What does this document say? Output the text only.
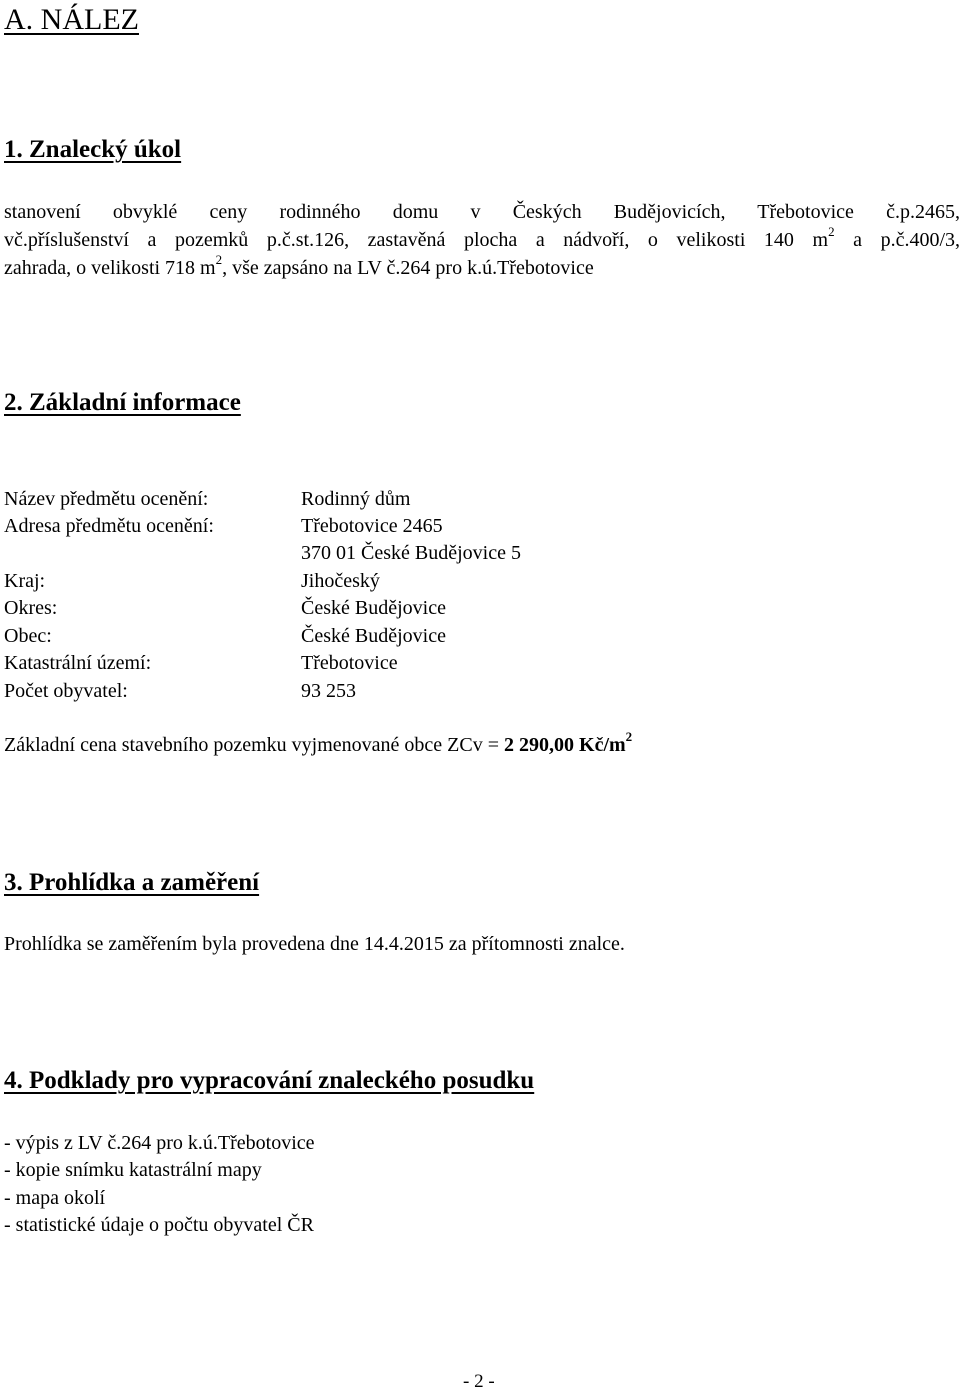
A. NÁLEZ
1. Znalecký úkol
stanovení obvyklé ceny rodinného domu v Českých Budějovicích, Třebotovice č.p.2465,
vč.příslušenství a pozemků p.č.st.126, zastavěná plocha a nádvoří, o velikosti 140 $m^2$ a p.č.400/3,
zahrada, o velikosti 718 $m^2$, vše zapsáno na LV č.264 pro k.ú.Třebotovice
2. Základní informace
Název předmětu ocenění:	Rodinný dům
Adresa předmětu ocenění:	Třebotovice 2465
370 01 České Budějovice 5
Kraj:	Jihočeský
Okres:	České Budějovice
Obec:	České Budějovice
Katastrální území:	Třebotovice
Počet obyvatel:	93 253
Základní cena stavebního pozemku vyjmenované obce ZCv = 2 290,00 $Kč/m^2$
3. Prohlídka a zaměření
Prohlídka se zaměřením byla provedena dne 14.4.2015 za přítomnosti znalce.
4. Podklady pro vypracování znaleckého posudku
- výpis z LV č.264 pro k.ú.Třebotovice
- kopie snímku katastrální mapy
- mapa okolí
- statistické údaje o počtu obyvatel ČR
- 2 -
